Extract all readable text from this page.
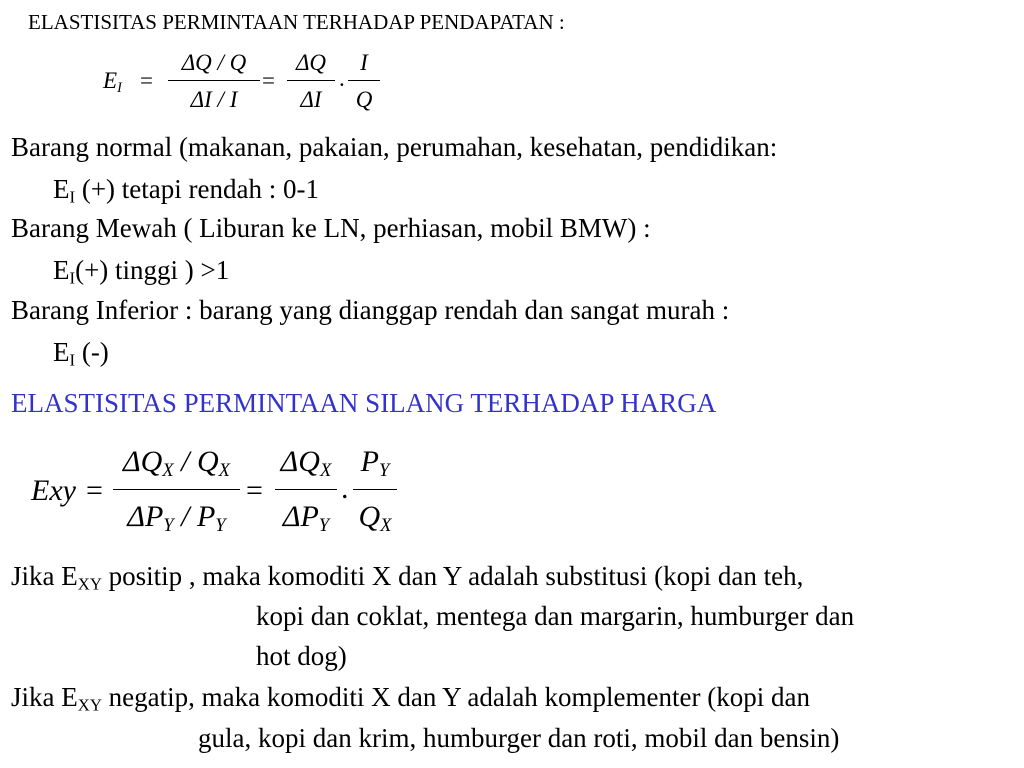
ELASTISITAS PERMINTAAN TERHADAP PENDAPATAN :
$E_I$ =
ΔQ / Q
ΔI / I
=
ΔQ
ΔI
.
I
Q
Barang normal (makanan, pakaian, perumahan, kesehatan, pendidikan:
$E_I$ (+) tetapi rendah : 0-1
Barang Mewah ( Liburan ke LN, perhiasan, mobil BMW) :
$E_I(+)$ tinggi ) >1
Barang Inferior : barang yang dianggap rendah dan sangat murah :
$E_I$ (-)
ELASTISITAS PERMINTAAN SILANG TERHADAP HARGA
Exy =
$\Delta Q_X / Q_X$
$\Delta P_Y / P_Y$
=
$\Delta Q_X$
$\Delta P_Y$
.
$P_Y$
$Q_X$
Jika $E_{XY}$ positip , maka komoditi X dan Y adalah substitusi (kopi dan teh,
kopi dan coklat, mentega dan margarin, humburger dan
hot dog)
Jika $E_{XY}$ negatip, maka komoditi X dan Y adalah komplementer (kopi dan
gula, kopi dan krim, humburger dan roti, mobil dan bensin)
